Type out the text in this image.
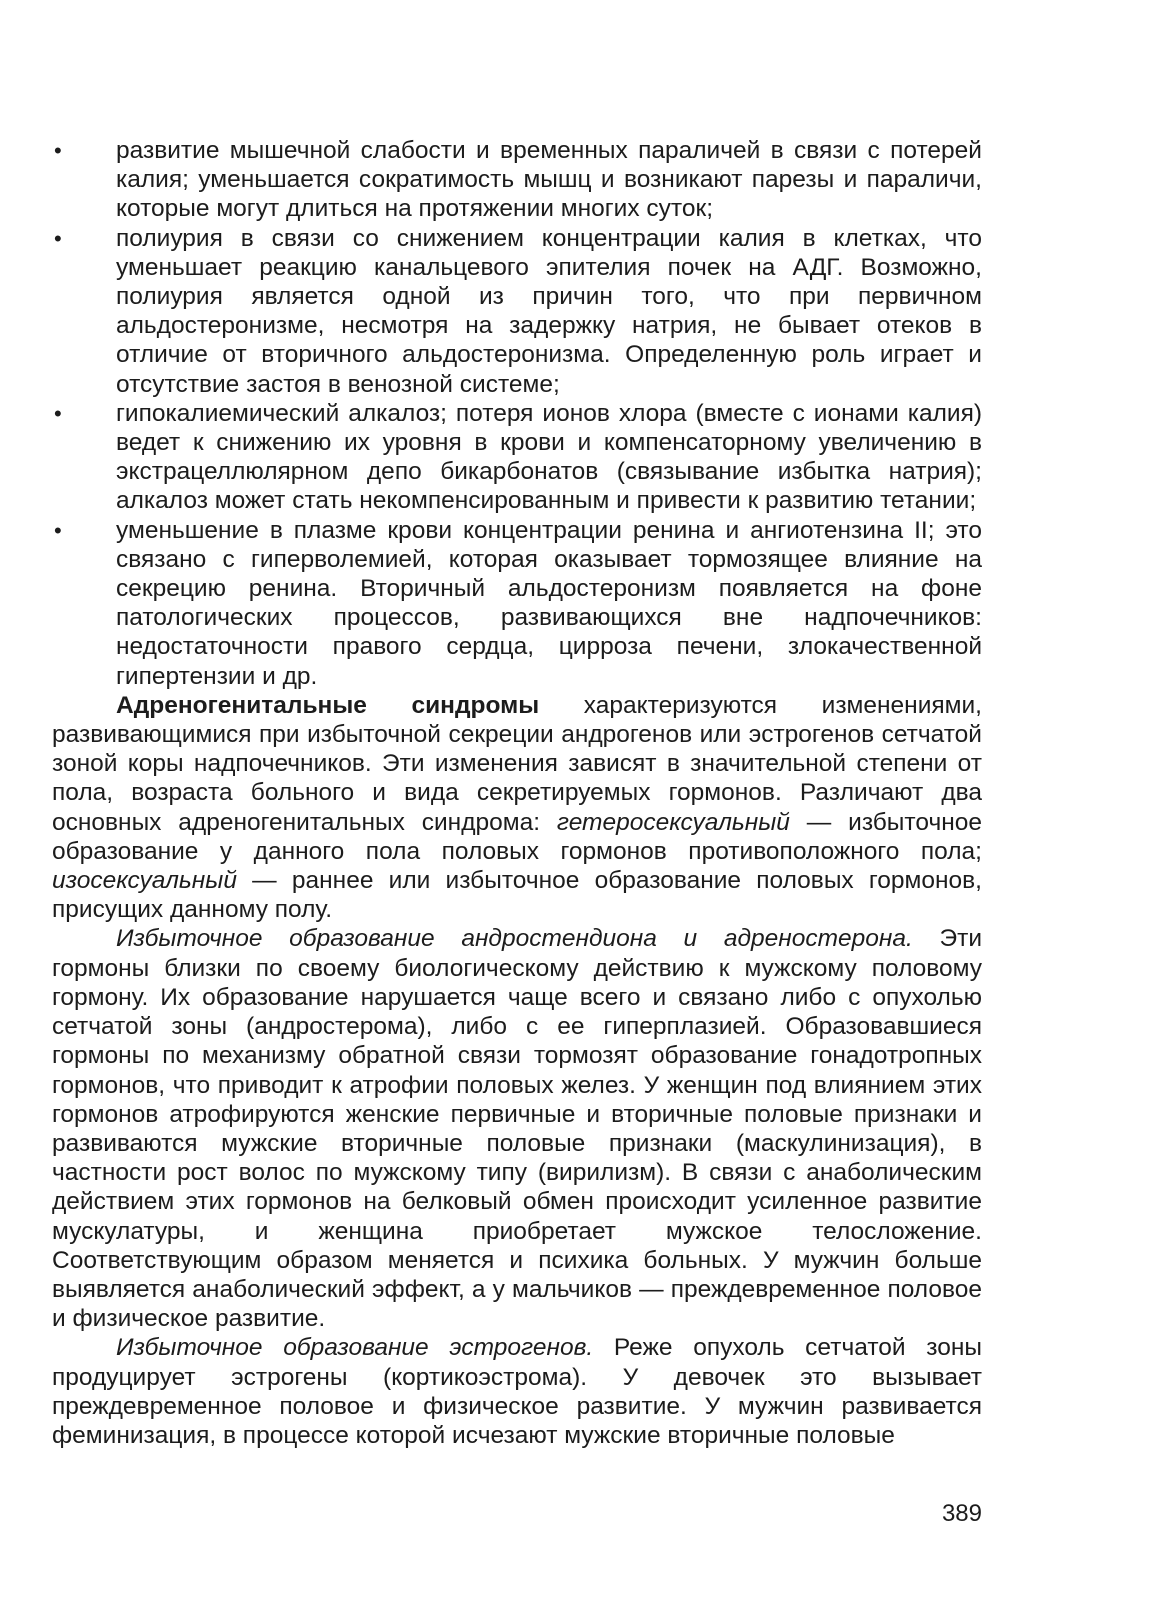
• развитие мышечной слабости и временных параличей в связи с потерей калия; уменьшается сократимость мышц и возникают парезы и параличи, которые могут длиться на протяжении многих суток;
• полиурия в связи со снижением концентрации калия в клетках, что уменьшает реакцию канальцевого эпителия почек на АДГ. Возможно, полиурия является одной из причин того, что при первичном альдостеронизме, несмотря на задержку натрия, не бывает отеков в отличие от вторичного альдостеронизма. Определенную роль играет и отсутствие застоя в венозной системе;
• гипокалиемический алкалоз; потеря ионов хлора (вместе с ионами калия) ведет к снижению их уровня в крови и компенсаторному увеличению в экстрацеллюлярном депо бикарбонатов (связывание избытка натрия); алкалоз может стать некомпенсированным и привести к развитию тетании;
• уменьшение в плазме крови концентрации ренина и ангиотензина II; это связано с гиперволемией, которая оказывает тормозящее влияние на секрецию ренина. Вторичный альдостеронизм появляется на фоне патологических процессов, развивающихся вне надпочечников: недостаточности правого сердца, цирроза печени, злокачественной гипертензии и др.

Адреногенитальные синдромы характеризуются изменениями, развивающимися при избыточной секреции андрогенов или эстрогенов сетчатой зоной коры надпочечников. Эти изменения зависят в значительной степени от пола, возраста больного и вида секретируемых гормонов. Различают два основных адреногенитальных синдрома: гетеросексуальный — избыточное образование у данного пола половых гормонов противоположного пола; изосексуальный — раннее или избыточное образование половых гормонов, присущих данному полу.

Избыточное образование андростендиона и адреностерона. Эти гормоны близки по своему биологическому действию к мужскому половому гормону. Их образование нарушается чаще всего и связано либо с опухолью сетчатой зоны (андростерома), либо с ее гиперплазией. Образовавшиеся гормоны по механизму обратной связи тормозят образование гонадотропных гормонов, что приводит к атрофии половых желез. У женщин под влиянием этих гормонов атрофируются женские первичные и вторичные половые признаки и развиваются мужские вторичные половые признаки (маскулинизация), в частности рост волос по мужскому типу (вирилизм). В связи с анаболическим действием этих гормонов на белковый обмен происходит усиленное развитие мускулатуры, и женщина приобретает мужское телосложение. Соответствующим образом меняется и психика больных. У мужчин больше выявляется анаболический эффект, а у мальчиков — преждевременное половое и физическое развитие.

Избыточное образование эстрогенов. Реже опухоль сетчатой зоны продуцирует эстрогены (кортикоэстрома). У девочек это вызывает преждевременное половое и физическое развитие. У мужчин развивается феминизация, в процессе которой исчезают мужские вторичные половые

389
